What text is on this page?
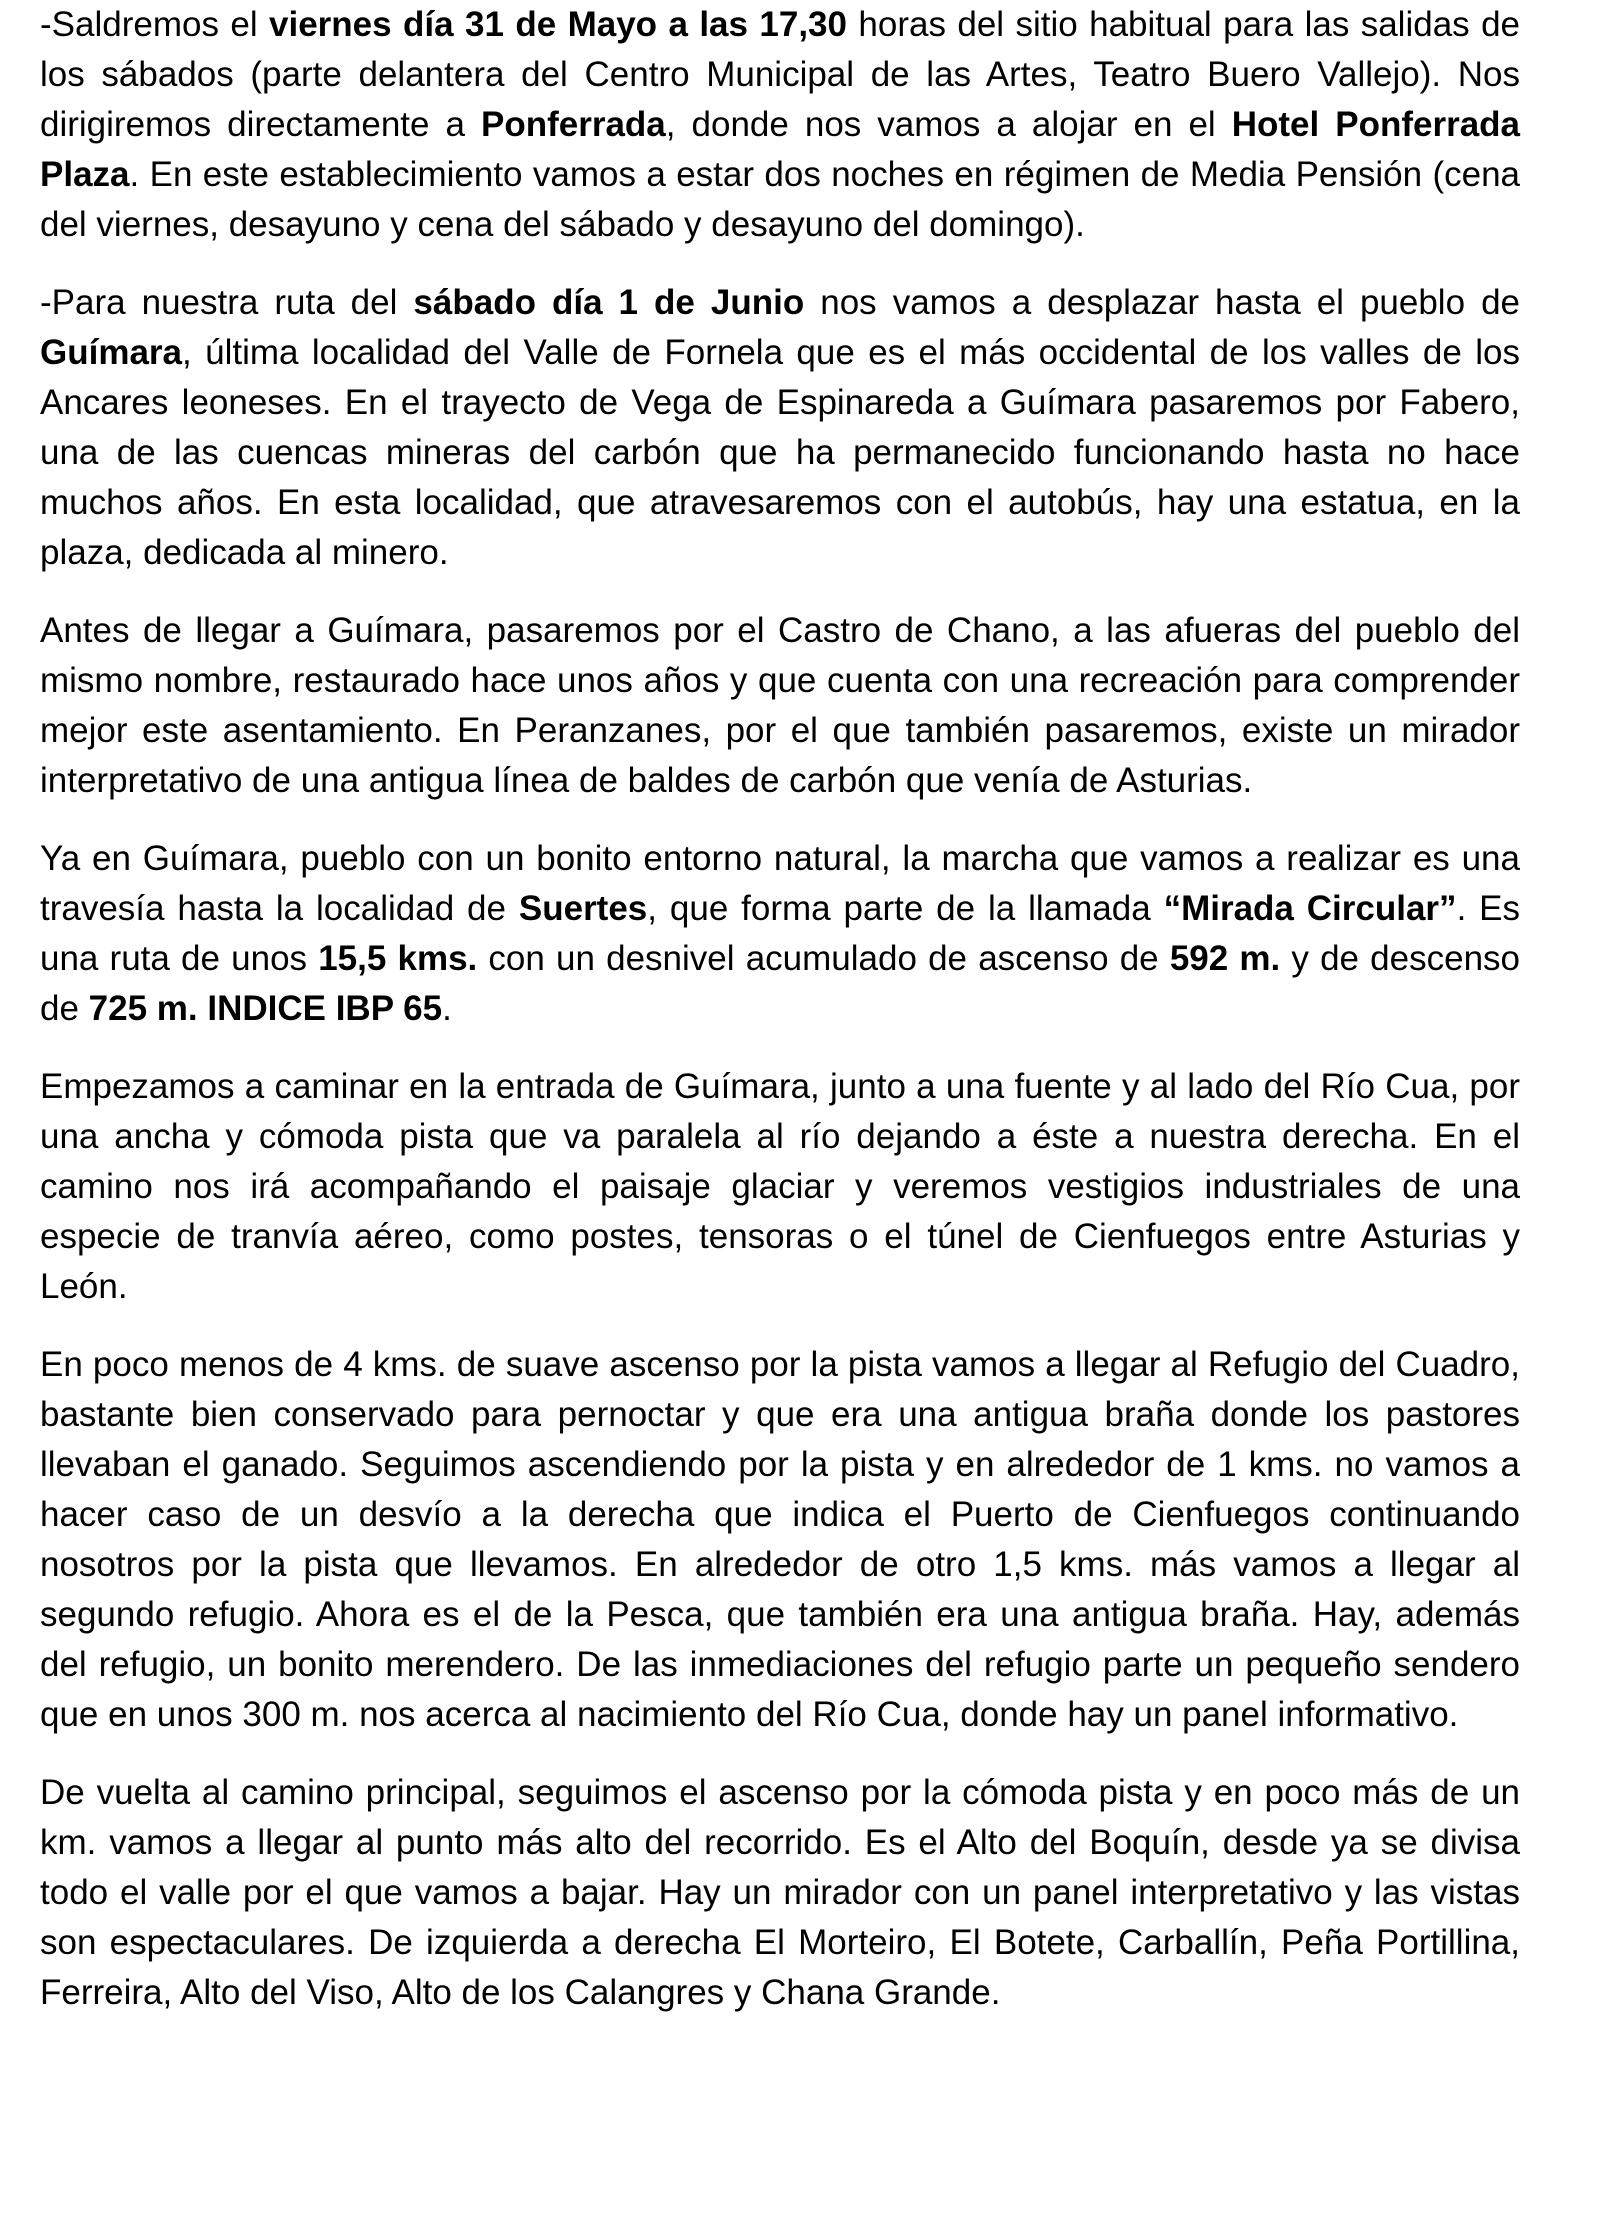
-Saldremos el viernes día 31 de Mayo a las 17,30 horas del sitio habitual para las salidas de los sábados (parte delantera del Centro Municipal de las Artes, Teatro Buero Vallejo). Nos dirigiremos directamente a Ponferrada, donde nos vamos a alojar en el Hotel Ponferrada Plaza. En este establecimiento vamos a estar dos noches en régimen de Media Pensión (cena del viernes, desayuno y cena del sábado y desayuno del domingo).

-Para nuestra ruta del sábado día 1 de Junio nos vamos a desplazar hasta el pueblo de Guímara, última localidad del Valle de Fornela que es el más occidental de los valles de los Ancares leoneses. En el trayecto de Vega de Espinareda a Guímara pasaremos por Fabero, una de las cuencas mineras del carbón que ha permanecido funcionando hasta no hace muchos años. En esta localidad, que atravesaremos con el autobús, hay una estatua, en la plaza, dedicada al minero.

Antes de llegar a Guímara, pasaremos por el Castro de Chano, a las afueras del pueblo del mismo nombre, restaurado hace unos años y que cuenta con una recreación para comprender mejor este asentamiento. En Peranzanes, por el que también pasaremos, existe un mirador interpretativo de una antigua línea de baldes de carbón que venía de Asturias.

Ya en Guímara, pueblo con un bonito entorno natural, la marcha que vamos a realizar es una travesía hasta la localidad de Suertes, que forma parte de la llamada “Mirada Circular”. Es una ruta de unos 15,5 kms. con un desnivel acumulado de ascenso de 592 m. y de descenso de 725 m. INDICE IBP 65.

Empezamos a caminar en la entrada de Guímara, junto a una fuente y al lado del Río Cua, por una ancha y cómoda pista que va paralela al río dejando a éste a nuestra derecha. En el camino nos irá acompañando el paisaje glaciar y veremos vestigios industriales de una especie de tranvía aéreo, como postes, tensoras o el túnel de Cienfuegos entre Asturias y León.

En poco menos de 4 kms. de suave ascenso por la pista vamos a llegar al Refugio del Cuadro, bastante bien conservado para pernoctar y que era una antigua braña donde los pastores llevaban el ganado. Seguimos ascendiendo por la pista y en alrededor de 1 kms. no vamos a hacer caso de un desvío a la derecha que indica el Puerto de Cienfuegos continuando nosotros por la pista que llevamos. En alrededor de otro 1,5 kms. más vamos a llegar al segundo refugio. Ahora es el de la Pesca, que también era una antigua braña. Hay, además del refugio, un bonito merendero. De las inmediaciones del refugio parte un pequeño sendero que en unos 300 m. nos acerca al nacimiento del Río Cua, donde hay un panel informativo.

De vuelta al camino principal, seguimos el ascenso por la cómoda pista y en poco más de un km. vamos a llegar al punto más alto del recorrido. Es el Alto del Boquín, desde ya se divisa todo el valle por el que vamos a bajar. Hay un mirador con un panel interpretativo y las vistas son espectaculares. De izquierda a derecha El Morteiro, El Botete, Carballín, Peña Portillina, Ferreira, Alto del Viso, Alto de los Calangres y Chana Grande.
